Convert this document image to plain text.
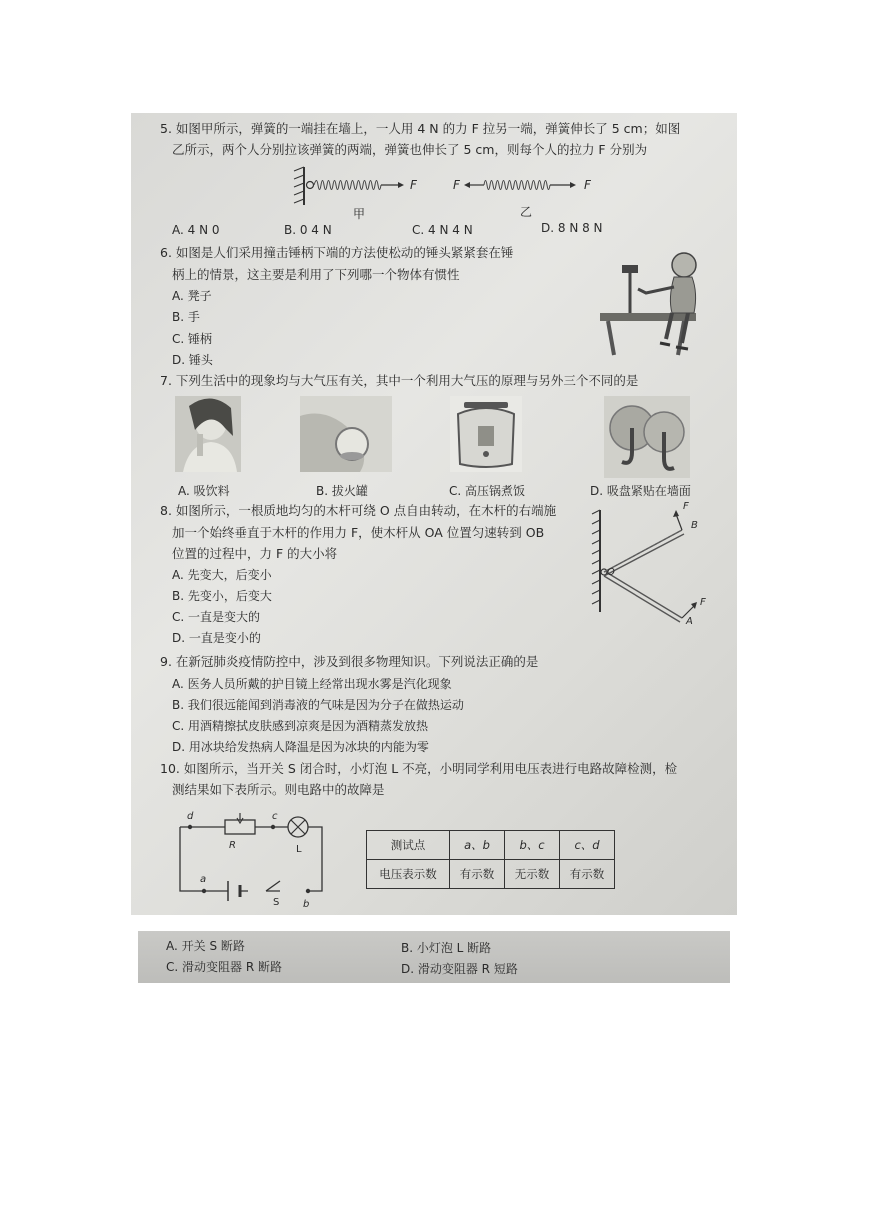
5. 如图甲所示，弹簧的一端挂在墙上，一人用 4 N 的力 F 拉另一端，弹簧伸长了 5 cm；如图
乙所示，两个人分别拉该弹簧的两端，弹簧也伸长了 5 cm，则每个人的拉力 F 分别为
F
甲
F	F
乙
A. 4 N 0	B. 0 4 N	C. 4 N 4 N	D. 8 N 8 N
6. 如图是人们采用撞击锤柄下端的方法使松动的锤头紧紧套在锤
柄上的情景，这主要是利用了下列哪一个物体有惯性
A. 凳子
B. 手
C. 锤柄
D. 锤头
7. 下列生活中的现象均与大气压有关，其中一个利用大气压的原理与另外三个不同的是
A. 吸饮料	B. 拔火罐	C. 高压锅煮饭	D. 吸盘紧贴在墙面
8. 如图所示，一根质地均匀的木杆可绕 O 点自由转动，在木杆的右端施
加一个始终垂直于木杆的作用力 F，使木杆从 OA 位置匀速转到 OB
位置的过程中，力 F 的大小将
A. 先变大，后变小
B. 先变小，后变大
C. 一直是变大的
D. 一直是变小的
O
F
B
F
A
9. 在新冠肺炎疫情防控中，涉及到很多物理知识。下列说法正确的是
A. 医务人员所戴的护目镜上经常出现水雾是汽化现象
B. 我们很远能闻到消毒液的气味是因为分子在做热运动
C. 用酒精擦拭皮肤感到凉爽是因为酒精蒸发放热
D. 用冰块给发热病人降温是因为冰块的内能为零
10. 如图所示，当开关 S 闭合时，小灯泡 L 不亮，小明同学利用电压表进行电路故障检测，检
测结果如下表所示。则电路中的故障是
d	c
R	L
a
S b
测试点	a、b	b、c	c、d
电压表示数	有示数	无示数	有示数
A. 开关 S 断路	B. 小灯泡 L 断路
C. 滑动变阻器 R 断路	D. 滑动变阻器 R 短路
